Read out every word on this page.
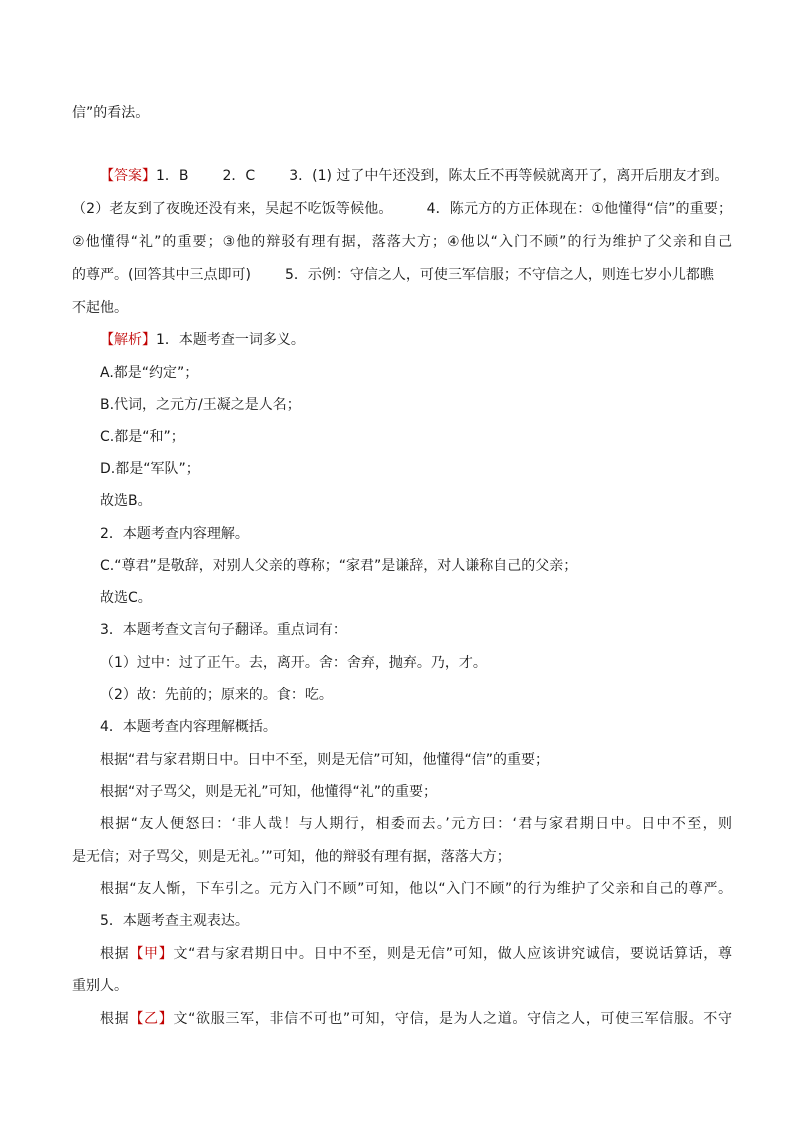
信”的看法。
【答案】1．B 2．C 3．(1) 过了中午还没到，陈太丘不再等候就离开了，离开后朋友才到。
（2）老友到了夜晚还没有来，吴起不吃饭等候他。 4．陈元方的方正体现在：①他懂得“信”的重要；
②他懂得“礼”的重要；③他的辩驳有理有据，落落大方；④他以“入门不顾”的行为维护了父亲和自己
的尊严。(回答其中三点即可) 5．示例：守信之人，可使三军信服；不守信之人，则连七岁小儿都瞧
不起他。
【解析】1．本题考查一词多义。
A.都是“约定”；
B.代词，之元方/王凝之是人名；
C.都是“和”；
D.都是“军队”；
故选B。
2．本题考查内容理解。
C.“尊君”是敬辞，对别人父亲的尊称；“家君”是谦辞，对人谦称自己的父亲；
故选C。
3．本题考查文言句子翻译。重点词有：
（1）过中：过了正午。去，离开。舍：舍弃，抛弃。乃，才。
（2）故：先前的；原来的。食：吃。
4．本题考查内容理解概括。
根据“君与家君期日中。日中不至，则是无信”可知，他懂得“信”的重要；
根据“对子骂父，则是无礼”可知，他懂得“礼”的重要；
根据“友人便怒曰：‘非人哉！与人期行，相委而去。’元方曰：‘君与家君期日中。日中不至，则
是无信；对子骂父，则是无礼。’”可知，他的辩驳有理有据，落落大方；
根据“友人惭，下车引之。元方入门不顾”可知，他以“入门不顾”的行为维护了父亲和自己的尊严。
5．本题考查主观表达。
根据【甲】文“君与家君期日中。日中不至，则是无信”可知，做人应该讲究诚信，要说话算话，尊
重别人。
根据【乙】文“欲服三军，非信不可也”可知，守信，是为人之道。守信之人，可使三军信服。不守
